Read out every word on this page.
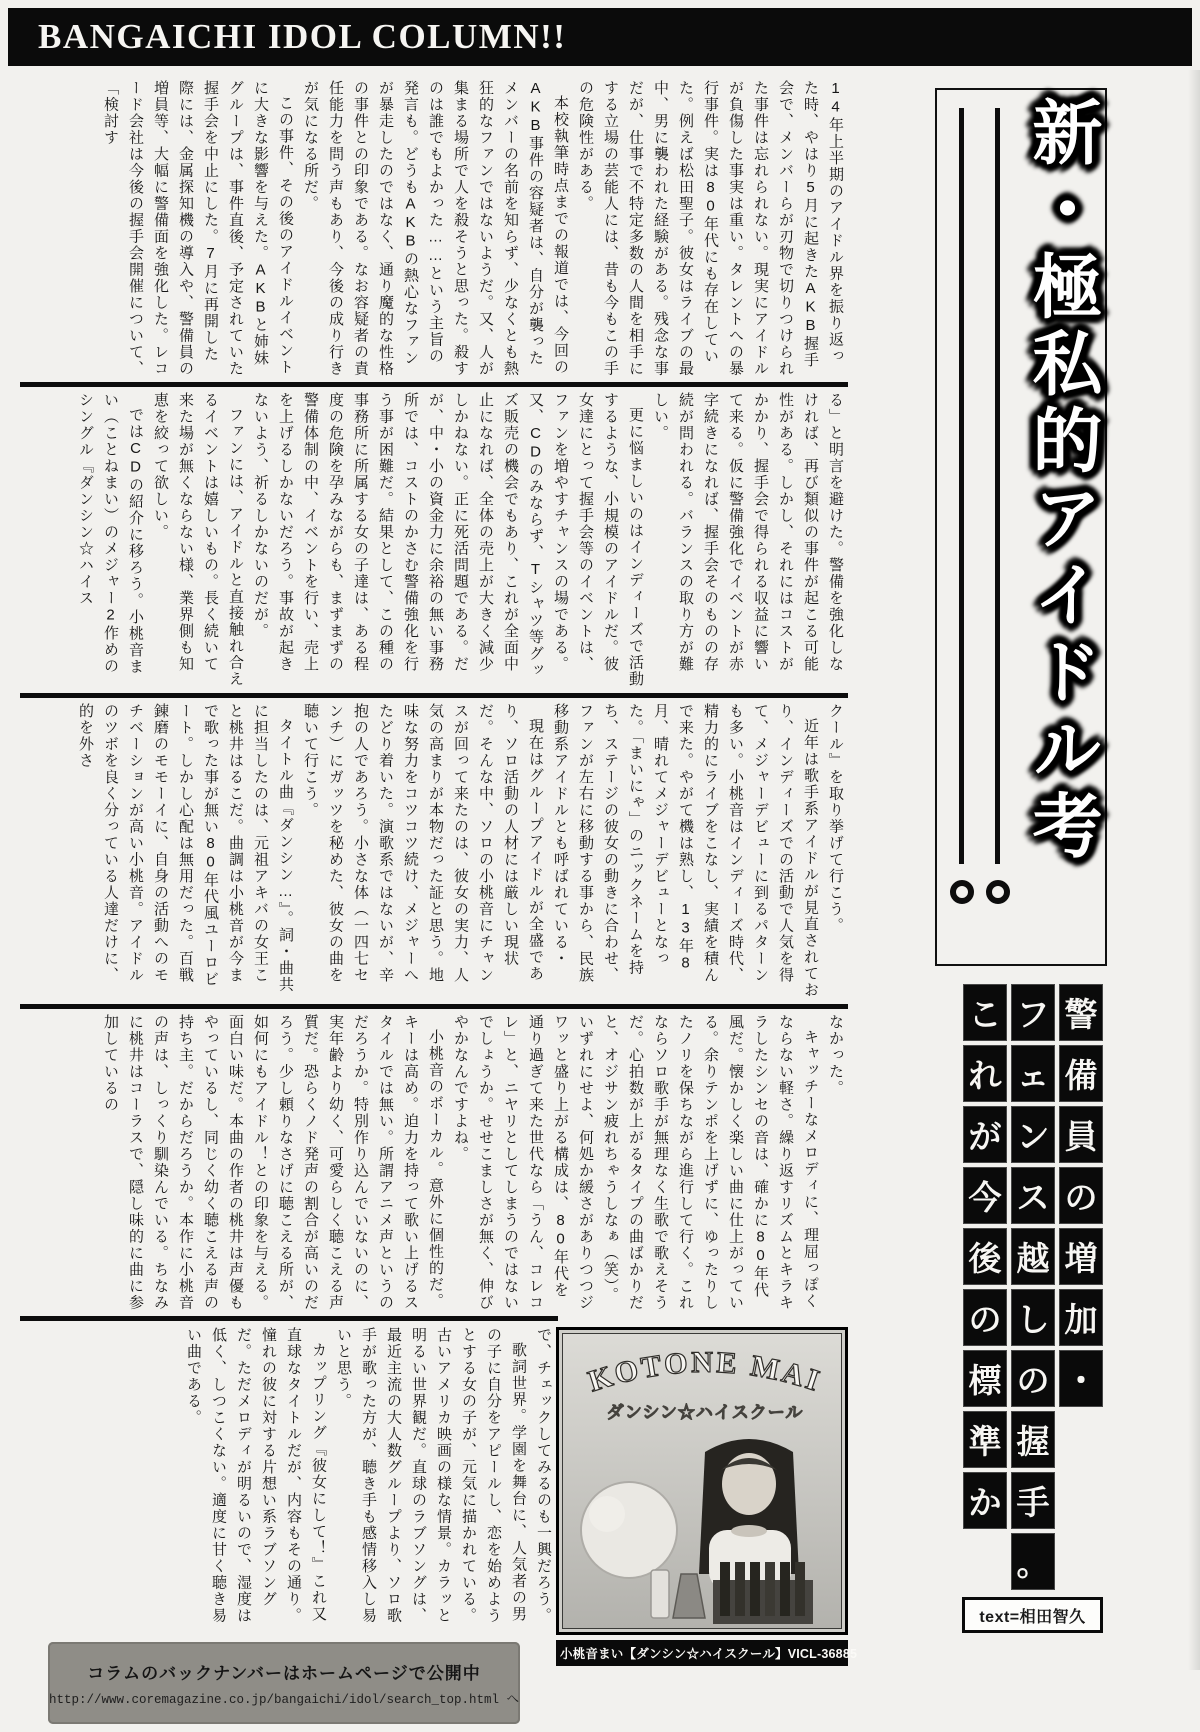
BANGAICHI IDOL COLUMN!!

14年上半期のアイドル界を振り返った時、やはり5月に起きたAKB握手会で、メンバーらが刃物で切りつけられた事件は忘れられない。現実にアイドルが負傷した事実は重い。タレントへの暴行事件。実は80年代にも存在していた。例えば松田聖子。彼女はライブの最中、男に襲われた経験がある。残念な事だが、仕事で不特定多数の人間を相手にする立場の芸能人には、昔も今もこの手の危険性がある。

本校執筆時点までの報道では、今回のAKB事件の容疑者は、自分が襲ったメンバーの名前を知らず、少なくとも熱狂的なファンではないようだ。又、人が集まる場所で人を殺そうと思った。殺すのは誰でもよかった……という主旨の発言も。どうもAKBの熱心なファンが暴走したのではなく、通り魔的な性格の事件との印象である。なお容疑者の責任能力を問う声もあり、今後の成り行きが気になる所だ。

この事件、その後のアイドルイベントに大きな影響を与えた。AKBと姉妹グループは、事件直後、予定されていた握手会を中止にした。7月に再開した際には、金属探知機の導入や、警備員の増員等、大幅に警備面を強化した。レコード会社は今後の握手会開催について、「検討す

る」と明言を避けた。警備を強化しなければ、再び類似の事件が起こる可能性がある。しかし、それにはコストがかかり、握手会で得られる収益に響いて来る。仮に警備強化でイベントが赤字続きになれば、握手会そのものの存続が問われる。バランスの取り方が難しい。

更に悩ましいのはインディーズで活動するような、小規模のアイドルだ。彼女達にとって握手会等のイベントは、ファンを増やすチャンスの場である。又、CDのみならず、Tシャツ等グッズ販売の機会でもあり、これが全面中止になれば、全体の売上が大きく減少しかねない。正に死活問題である。だが、中・小の資金力に余裕の無い事務所では、コストのかさむ警備強化を行う事が困難だ。結果として、この種の事務所に所属する女の子達は、ある程度の危険を孕みながらも、まずまずの警備体制の中、イベントを行い、売上を上げるしかないだろう。事故が起きないよう、祈るしかないのだが。

ファンには、アイドルと直接触れ合えるイベントは嬉しいもの。長く続いて来た場が無くならない様、業界側も知恵を絞って欲しい。

ではCDの紹介に移ろう。小桃音まい（ことねまい）のメジャー2作めのシングル『ダンシン☆ハイス

クール』を取り挙げて行こう。

近年は歌手系アイドルが見直されており、インディーズでの活動で人気を得て、メジャーデビューに到るパターンも多い。小桃音はインディーズ時代、精力的にライブをこなし、実績を積んで来た。やがて機は熟し、13年8月、晴れてメジャーデビューとなった。「まいにゃ」のニックネームを持ち、ステージの彼女の動きに合わせ、ファンが左右に移動する事から、民族移動系アイドルとも呼ばれている・

現在はグループアイドルが全盛であり、ソロ活動の人材には厳しい現状だ。そんな中、ソロの小桃音にチャンスが回って来たのは、彼女の実力、人気の高まりが本物だった証と思う。地味な努力をコツコツ続け、メジャーへたどり着いた。演歌系ではないが、辛抱の人であろう。小さな体（一四七センチ）にガッツを秘めた、彼女の曲を聴いて行こう。

タイトル曲『ダンシン…』。詞・曲共に担当したのは、元祖アキバの女王こと桃井はるこだ。曲調は小桃音が今まで歌った事が無い80年代風ユーロビート。しかし心配は無用だった。百戦錬磨のモモーイに、自身の活動へのモチベーションが高い小桃音。アイドルのツボを良く分っている人達だけに、的を外さ

なかった。

キャッチーなメロディに、理屈っぽくならない軽さ。繰り返すリズムとキラキラしたシンセの音は、確かに80年代風だ。懐かしく楽しい曲に仕上がっている。余りテンポを上げずに、ゆったりしたノリを保ちながら進行して行く。これならソロ歌手が無理なく生歌で歌えそうだ。心拍数が上がるタイプの曲ばかりだと、オジサン疲れちゃうしなぁ（笑）。いずれにせよ、何処か緩さがありつつジワッと盛り上がる構成は、80年代を通り過ぎて来た世代なら「うん、コレコレ」と、ニヤリとしてしまうのではないでしょうか。せせこましさが無く、伸びやかなんですよね。

小桃音のボーカル。意外に個性的だ。キーは高め。迫力を持って歌い上げるスタイルでは無い。所謂アニメ声というのだろうか。特別作り込んでいないのに、実年齢より幼く、可愛らしく聴こえる声質だ。恐らくノド発声の割合が高いのだろう。少し頼りなさげに聴こえる所が、如何にもアイドル！との印象を与える。面白い味だ。本曲の作者の桃井は声優もやっているし、同じく幼く聴こえる声の持ち主。だからだろうか。本作に小桃音の声は、しっくり馴染んでいる。ちなみに桃井はコーラスで、隠し味的に曲に参加しているの

で、チェックしてみるのも一興だろう。

歌詞世界。学園を舞台に、人気者の男の子に自分をアピールし、恋を始めようとする女の子が、元気に描かれている。古いアメリカ映画の様な情景。カラッと明るい世界観だ。直球のラブソングは、最近主流の大人数グループより、ソロ歌手が歌った方が、聴き手も感情移入し易いと思う。

カップリング『彼女にして！』これ又直球なタイトルだが、内容もその通り。憧れの彼に対する片想い系ラブソングだ。ただメロディが明るいので、湿度は低く、しつこくない。適度に甘く聴き易い曲である。

新・極私的アイドル考
警
備
員
の
増
加
・
フ
ェ
ン
ス
越
し
の
握
手
。
こ
れ
が
今
後
の
標
準
か
text=相田智久
KOTONE MAI
ダンシン☆ハイスクール
小桃音まい【ダンシン☆ハイスクール】VICL-36885
コラムのバックナンバーはホームページで公開中
http://www.coremagazine.co.jp/bangaichi/idol/search_top.html へ
